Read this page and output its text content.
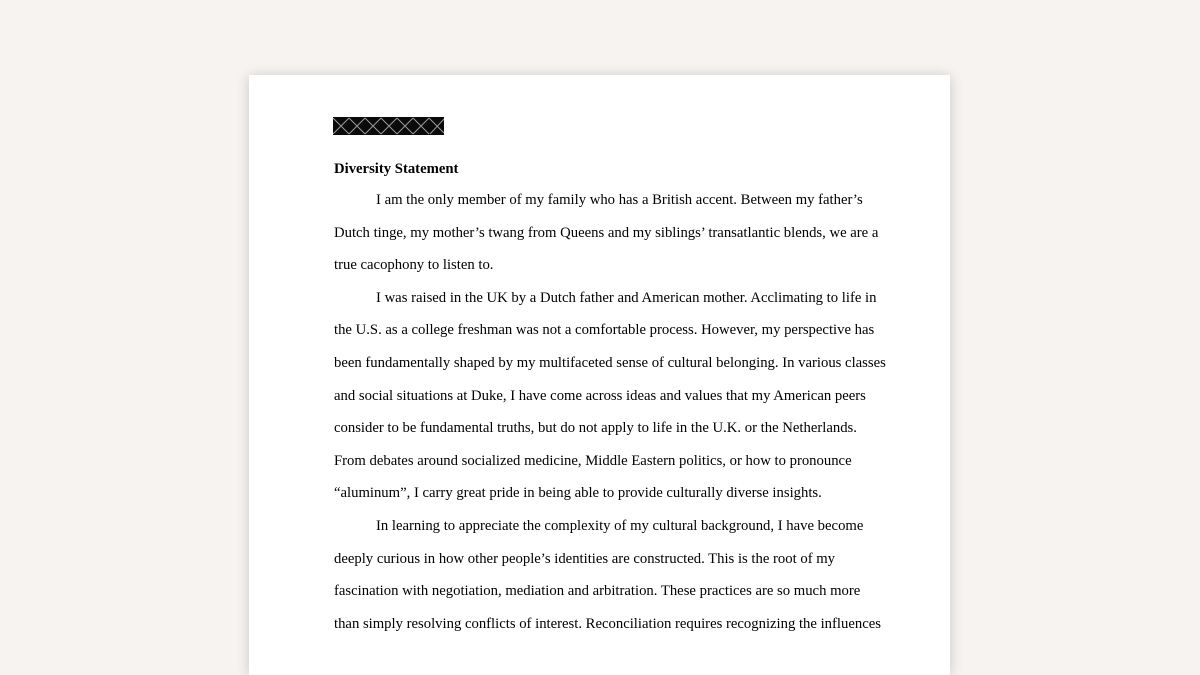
Diversity Statement
I am the only member of my family who has a British accent. Between my father’s
Dutch tinge, my mother’s twang from Queens and my siblings’ transatlantic blends, we are a
true cacophony to listen to.
I was raised in the UK by a Dutch father and American mother. Acclimating to life in
the U.S. as a college freshman was not a comfortable process. However, my perspective has
been fundamentally shaped by my multifaceted sense of cultural belonging. In various classes
and social situations at Duke, I have come across ideas and values that my American peers
consider to be fundamental truths, but do not apply to life in the U.K. or the Netherlands.
From debates around socialized medicine, Middle Eastern politics, or how to pronounce
“aluminum”, I carry great pride in being able to provide culturally diverse insights.
In learning to appreciate the complexity of my cultural background, I have become
deeply curious in how other people’s identities are constructed. This is the root of my
fascination with negotiation, mediation and arbitration. These practices are so much more
than simply resolving conflicts of interest. Reconciliation requires recognizing the influences
